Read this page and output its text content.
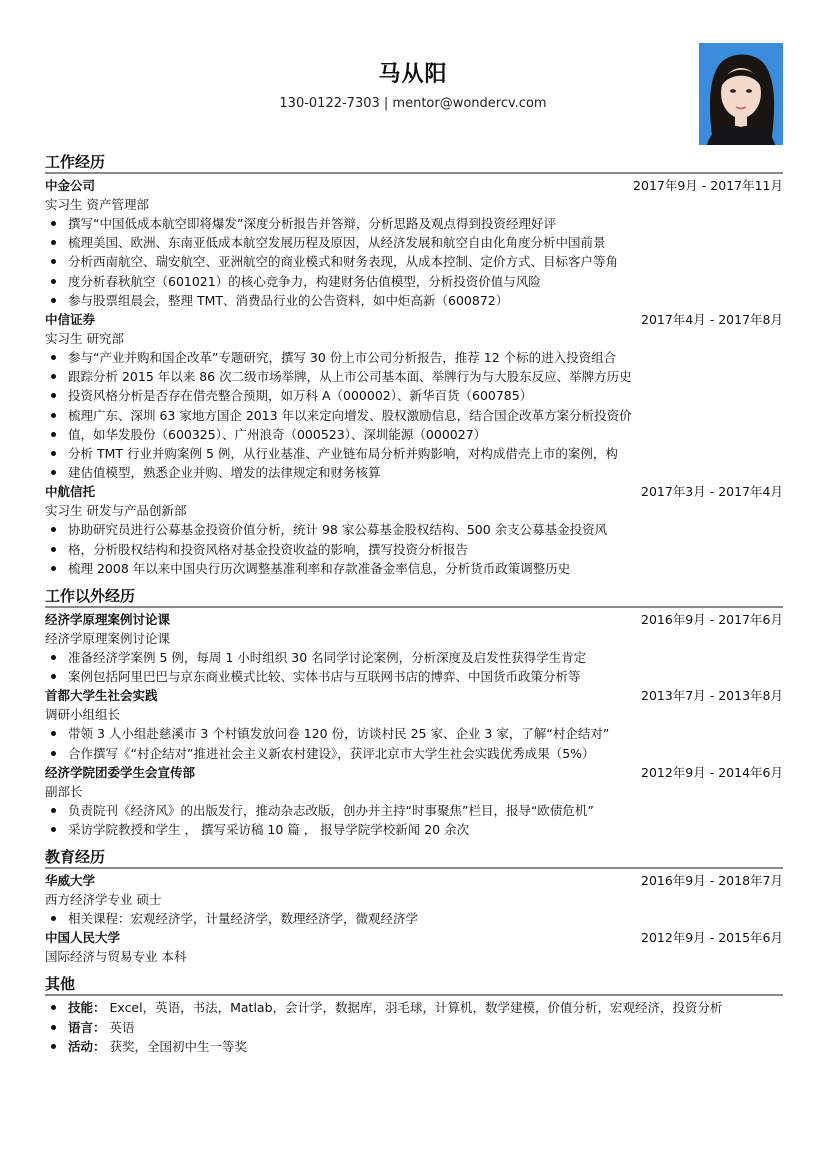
马从阳
130-0122-7303 | mentor@wondercv.com
工作经历
中金公司	2017年9月 - 2017年11月
实习生 资产管理部
撰写“中国低成本航空即将爆发”深度分析报告并答辩，分析思路及观点得到投资经理好评
梳理美国、欧洲、东南亚低成本航空发展历程及原因，从经济发展和航空自由化角度分析中国前景
分析西南航空、瑞安航空、亚洲航空的商业模式和财务表现，从成本控制、定价方式、目标客户等角
度分析春秋航空（601021）的核心竞争力，构建财务估值模型，分析投资价值与风险
参与股票组晨会，整理 TMT、消费品行业的公告资料，如中炬高新（600872）
中信证券	2017年4月 - 2017年8月
实习生 研究部
参与“产业并购和国企改革”专题研究，撰写 30 份上市公司分析报告，推荐 12 个标的进入投资组合
跟踪分析 2015 年以来 86 次二级市场举牌，从上市公司基本面、举牌行为与大股东反应、举牌方历史
投资风格分析是否存在借壳整合预期，如万科 A（000002）、新华百货（600785）
梳理广东、深圳 63 家地方国企 2013 年以来定向增发、股权激励信息，结合国企改革方案分析投资价
值，如华发股份（600325）、广州浪奇（000523）、深圳能源（000027）
分析 TMT 行业并购案例 5 例，从行业基准、产业链布局分析并购影响，对构成借壳上市的案例，构
建估值模型，熟悉企业并购、增发的法律规定和财务核算
中航信托	2017年3月 - 2017年4月
实习生 研发与产品创新部
协助研究员进行公募基金投资价值分析，统计 98 家公募基金股权结构、500 余支公募基金投资风
格，分析股权结构和投资风格对基金投资收益的影响，撰写投资分析报告
梳理 2008 年以来中国央行历次调整基准利率和存款准备金率信息，分析货币政策调整历史
工作以外经历
经济学原理案例讨论课	2016年9月 - 2017年6月
经济学原理案例讨论课
准备经济学案例 5 例，每周 1 小时组织 30 名同学讨论案例，分析深度及启发性获得学生肯定
案例包括阿里巴巴与京东商业模式比较、实体书店与互联网书店的博弈、中国货币政策分析等
首都大学生社会实践	2013年7月 - 2013年8月
调研小组组长
带领 3 人小组赴慈溪市 3 个村镇发放问卷 120 份，访谈村民 25 家、企业 3 家，了解“村企结对”
合作撰写《“村企结对”推进社会主义新农村建设》，获评北京市大学生社会实践优秀成果（5%）
经济学院团委学生会宣传部	2012年9月 - 2014年6月
副部长
负责院刊《经济风》的出版发行，推动杂志改版，创办并主持“时事聚焦”栏目，报导“欧债危机”
采访学院教授和学生 ， 撰写采访稿 10 篇 ， 报导学院学校新闻 20 余次
教育经历
华威大学	2016年9月 - 2018年7月
西方经济学专业 硕士
相关课程：宏观经济学，计量经济学，数理经济学，微观经济学
中国人民大学	2012年9月 - 2015年6月
国际经济与贸易专业 本科
其他
技能： Excel，英语，书法，Matlab，会计学，数据库，羽毛球，计算机，数学建模，价值分析，宏观经济，投资分析
语言： 英语
活动： 获奖，全国初中生一等奖
